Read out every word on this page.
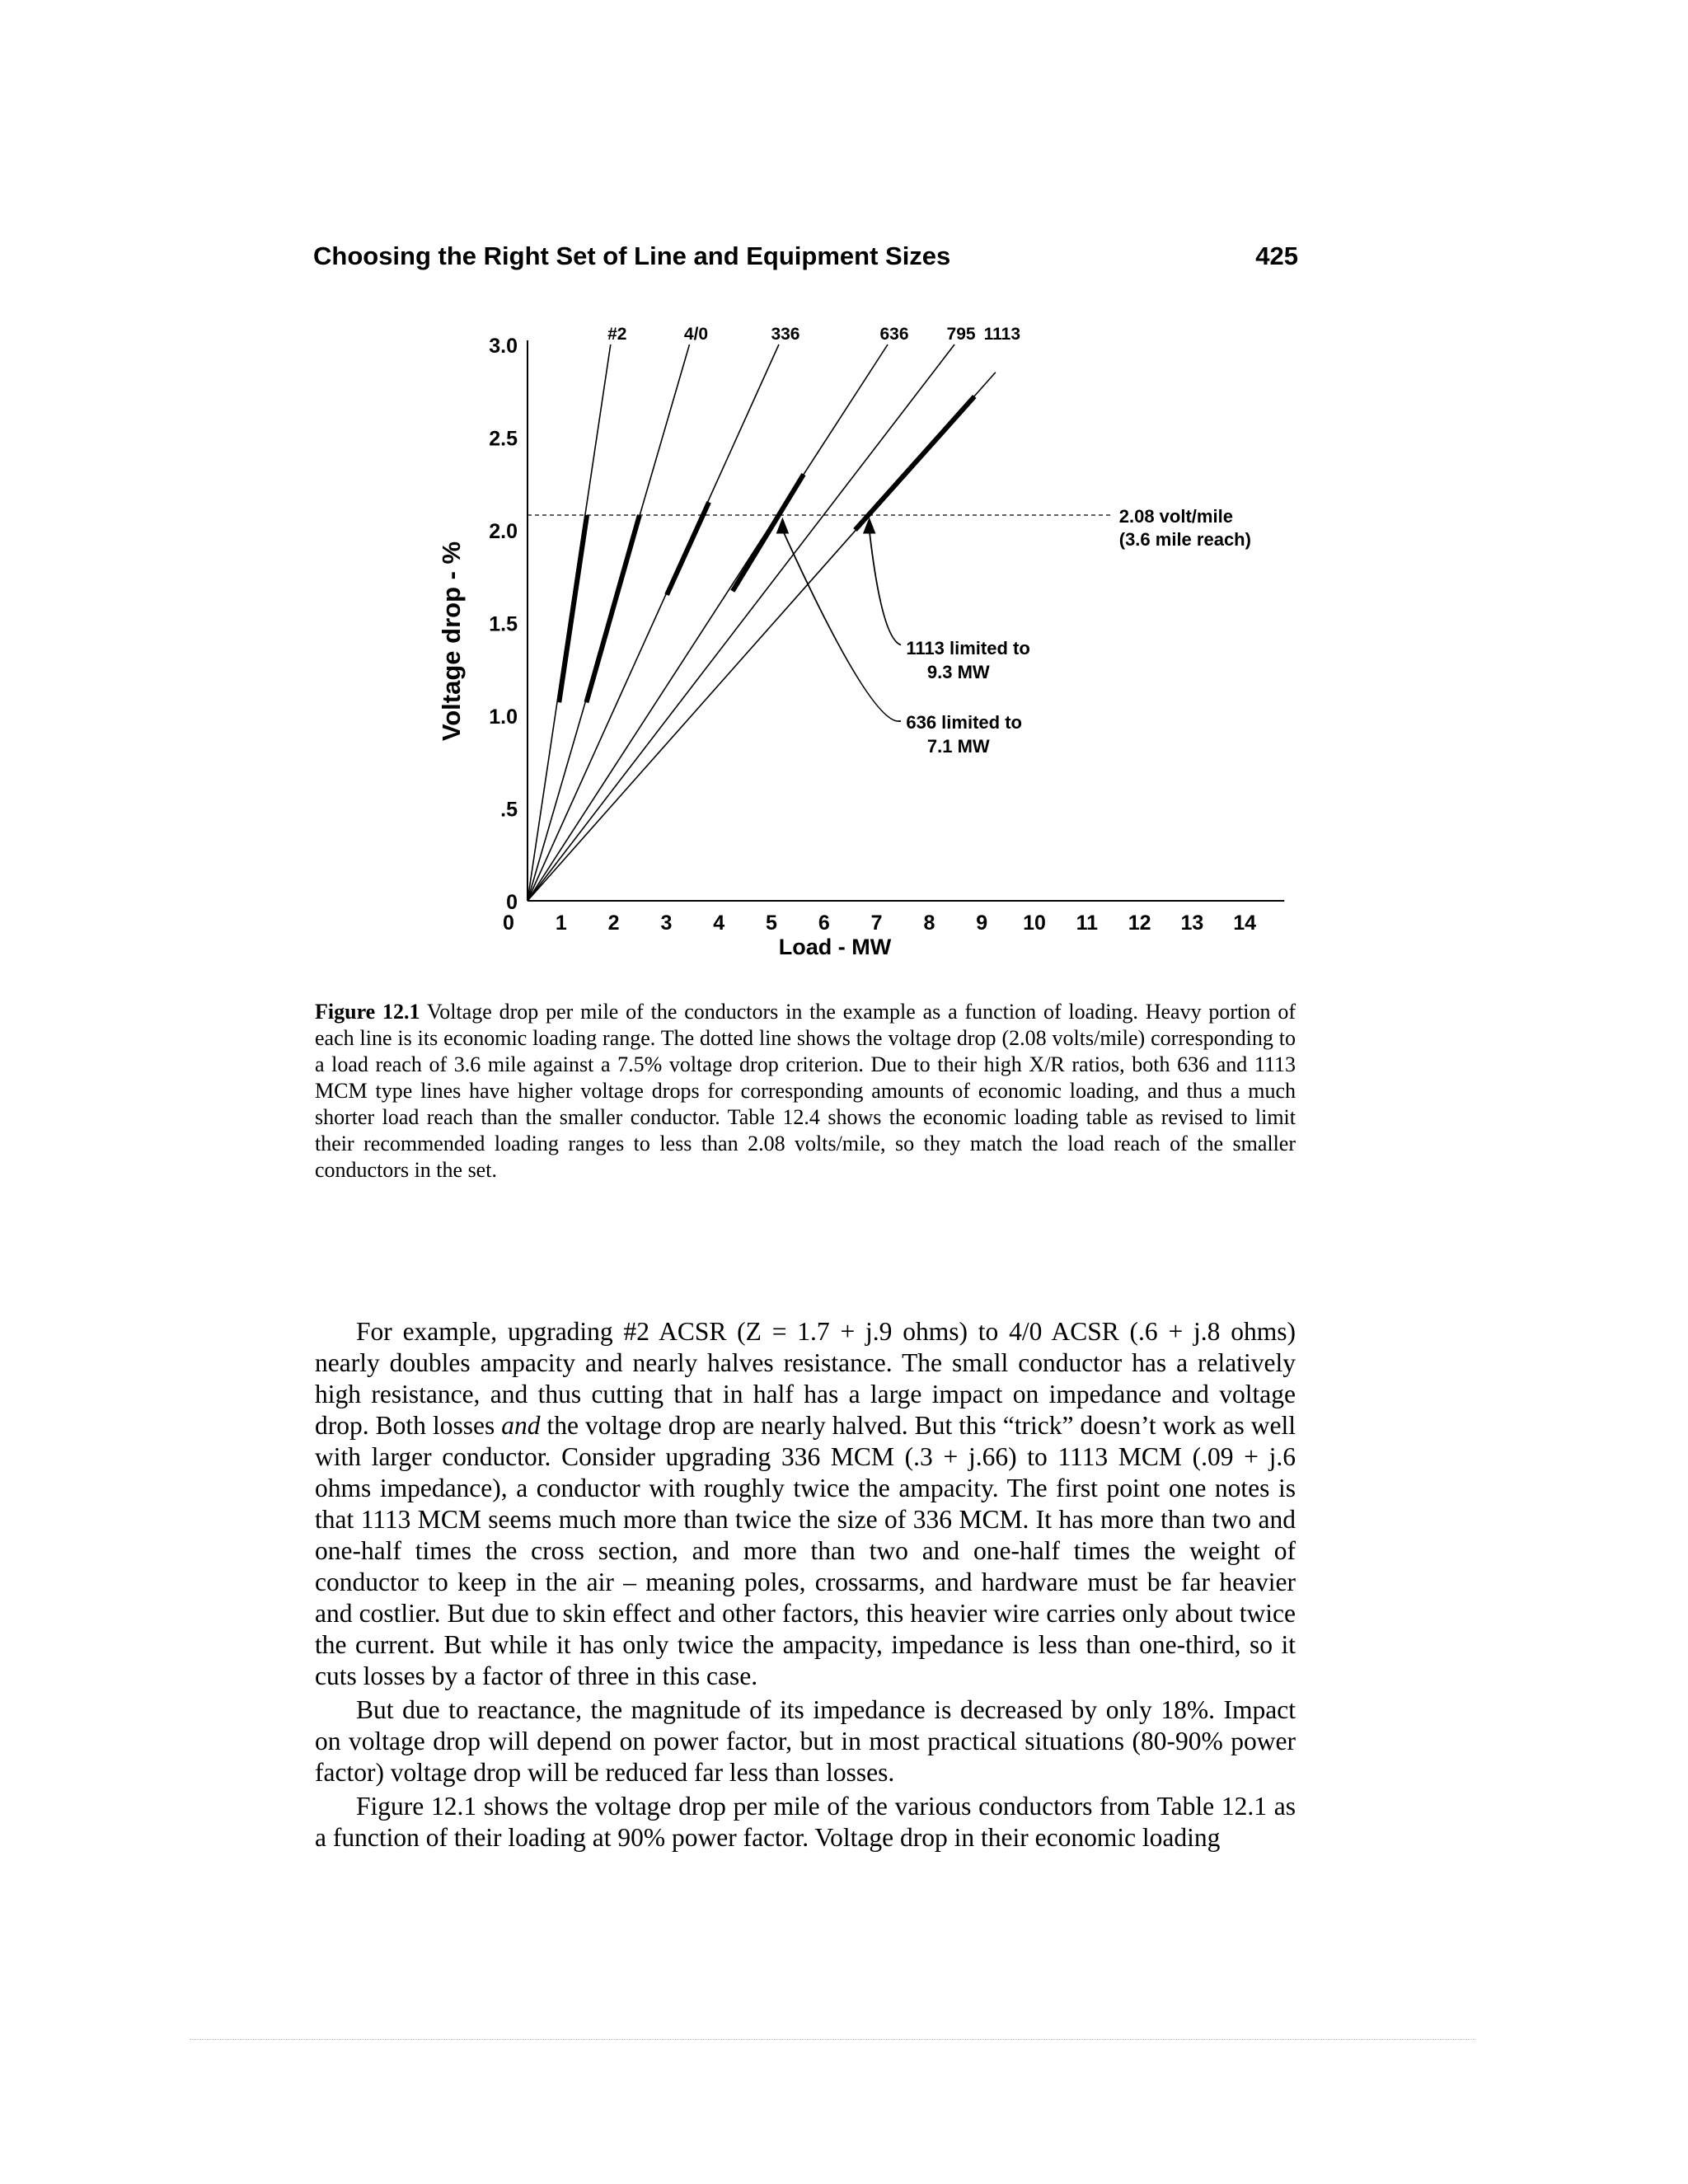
Choosing the Right Set of Line and Equipment Sizes	425
0
.5
1.0
1.5
2.0
2.5
3.0
0 1 2 3 4 5 6 7 8 9 10 11 12 13 14
Load - MW
Voltage drop - %
2.08 volt/mile
(3.6 mile reach)
#2	4/0	336	636 795 1113
1113 limited to
9.3 MW
636 limited to
7.1 MW
Figure 12.1 Voltage drop per mile of the conductors in the example as a function of loading. Heavy portion of each line is its economic loading range. The dotted line shows the voltage drop (2.08 volts/mile) corresponding to a load reach of 3.6 mile against a 7.5% voltage drop criterion. Due to their high X/R ratios, both 636 and 1113 MCM type lines have higher voltage drops for corresponding amounts of economic loading, and thus a much shorter load reach than the smaller conductor. Table 12.4 shows the economic loading table as revised to limit their recommended loading ranges to less than 2.08 volts/mile, so they match the load reach of the smaller conductors in the set.

For example, upgrading #2 ACSR (Z = 1.7 + j.9 ohms) to 4/0 ACSR (.6 + j.8 ohms) nearly doubles ampacity and nearly halves resistance. The small conductor has a relatively high resistance, and thus cutting that in half has a large impact on impedance and voltage drop. Both losses and the voltage drop are nearly halved. But this “trick” doesn’t work as well with larger conductor. Consider upgrading 336 MCM (.3 + j.66) to 1113 MCM (.09 + j.6 ohms impedance), a conductor with roughly twice the ampacity. The first point one notes is that 1113 MCM seems much more than twice the size of 336 MCM. It has more than two and one-half times the cross section, and more than two and one-half times the weight of conductor to keep in the air – meaning poles, crossarms, and hardware must be far heavier and costlier. But due to skin effect and other factors, this heavier wire carries only about twice the current. But while it has only twice the ampacity, impedance is less than one-third, so it cuts losses by a factor of three in this case.

But due to reactance, the magnitude of its impedance is decreased by only 18%. Impact on voltage drop will depend on power factor, but in most practical situations (80-90% power factor) voltage drop will be reduced far less than losses.

Figure 12.1 shows the voltage drop per mile of the various conductors from Table 12.1 as a function of their loading at 90% power factor. Voltage drop in their economic loading
